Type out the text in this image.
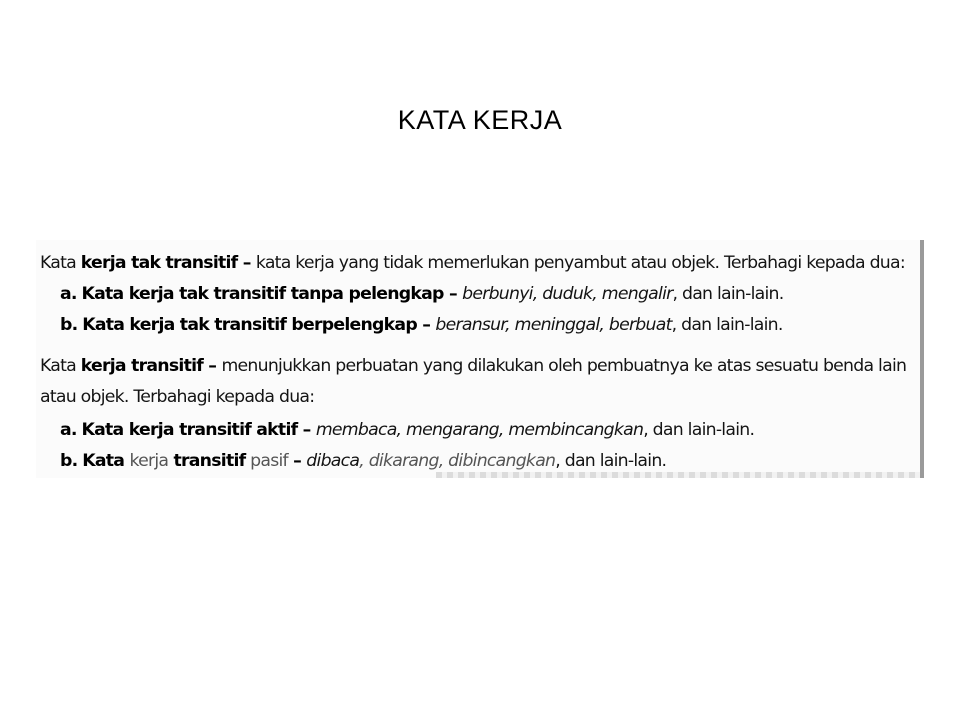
KATA KERJA
Kata kerja tak transitif – kata kerja yang tidak memerlukan penyambut atau objek. Terbahagi kepada dua:
a. Kata kerja tak transitif tanpa pelengkap – berbunyi, duduk, mengalir, dan lain-lain.
b. Kata kerja tak transitif berpelengkap – beransur, meninggal, berbuat, dan lain-lain.
Kata kerja transitif – menunjukkan perbuatan yang dilakukan oleh pembuatnya ke atas sesuatu benda lain
atau objek. Terbahagi kepada dua:
a. Kata kerja transitif aktif – membaca, mengarang, membincangkan, dan lain-lain.
b. Kata kerja transitif pasif – dibaca, dikarang, dibincangkan, dan lain-lain.
